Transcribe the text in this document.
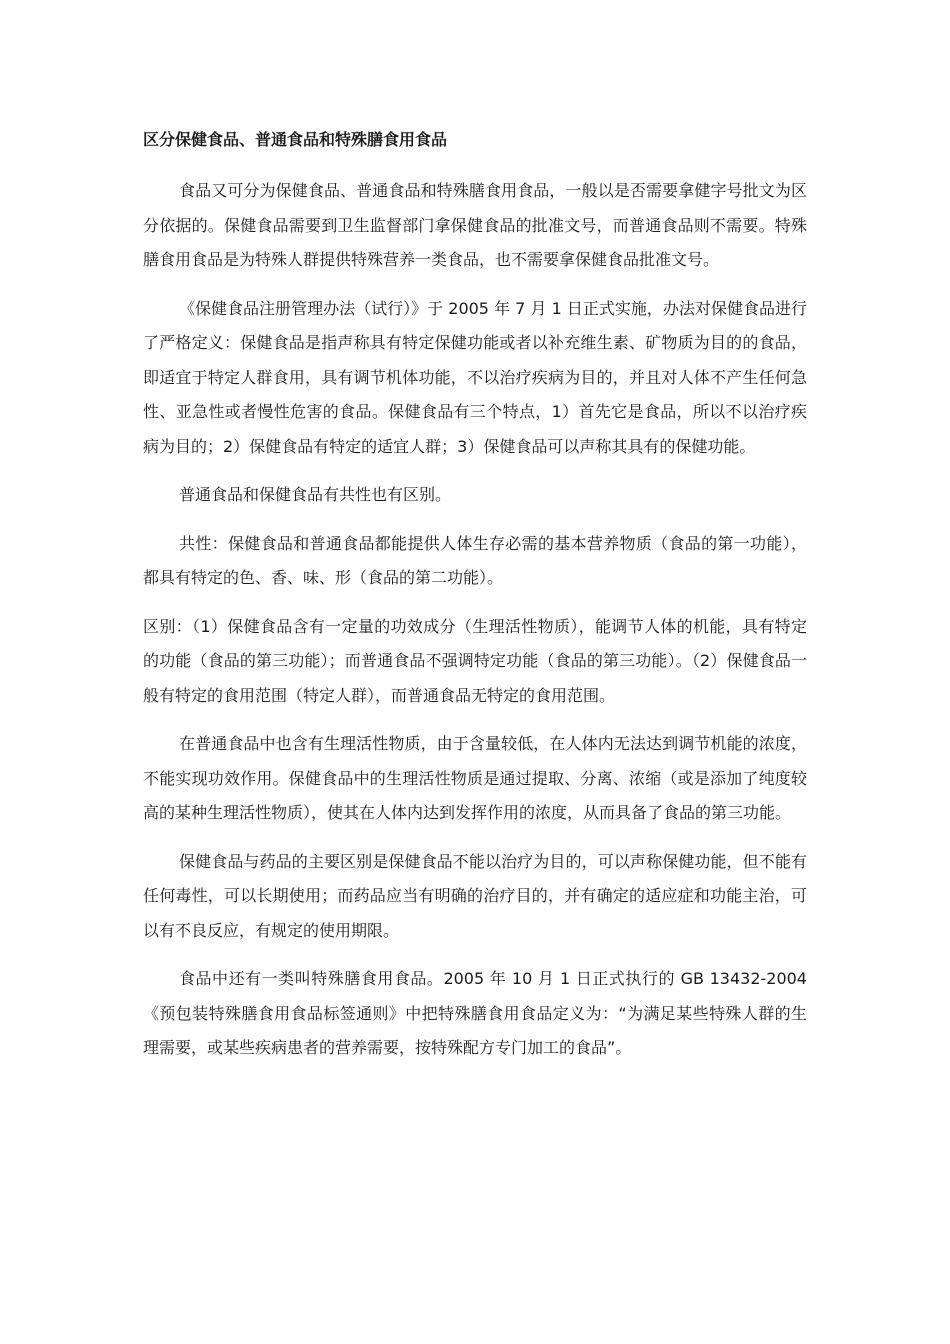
区分保健食品、普通食品和特殊膳食用食品

食品又可分为保健食品、普通食品和特殊膳食用食品，一般以是否需要拿健字号批文为区分依据的。保健食品需要到卫生监督部门拿保健食品的批准文号，而普通食品则不需要。特殊膳食用食品是为特殊人群提供特殊营养一类食品，也不需要拿保健食品批准文号。

《保健食品注册管理办法（试行）》于 2005 年 7 月 1 日正式实施，办法对保健食品进行了严格定义：保健食品是指声称具有特定保健功能或者以补充维生素、矿物质为目的的食品，即适宜于特定人群食用，具有调节机体功能，不以治疗疾病为目的，并且对人体不产生任何急性、亚急性或者慢性危害的食品。保健食品有三个特点，1）首先它是食品，所以不以治疗疾病为目的；2）保健食品有特定的适宜人群；3）保健食品可以声称其具有的保健功能。

普通食品和保健食品有共性也有区别。

共性：保健食品和普通食品都能提供人体生存必需的基本营养物质（食品的第一功能），都具有特定的色、香、味、形（食品的第二功能）。

区别：（1）保健食品含有一定量的功效成分（生理活性物质），能调节人体的机能，具有特定的功能（食品的第三功能）；而普通食品不强调特定功能（食品的第三功能）。（2）保健食品一般有特定的食用范围（特定人群），而普通食品无特定的食用范围。

在普通食品中也含有生理活性物质，由于含量较低，在人体内无法达到调节机能的浓度，不能实现功效作用。保健食品中的生理活性物质是通过提取、分离、浓缩（或是添加了纯度较高的某种生理活性物质），使其在人体内达到发挥作用的浓度，从而具备了食品的第三功能。

保健食品与药品的主要区别是保健食品不能以治疗为目的，可以声称保健功能，但不能有任何毒性，可以长期使用；而药品应当有明确的治疗目的，并有确定的适应症和功能主治，可以有不良反应，有规定的使用期限。

食品中还有一类叫特殊膳食用食品。2005 年 10 月 1 日正式执行的 GB 13432-2004《预包装特殊膳食用食品标签通则》中把特殊膳食用食品定义为：“为满足某些特殊人群的生理需要，或某些疾病患者的营养需要，按特殊配方专门加工的食品”。
